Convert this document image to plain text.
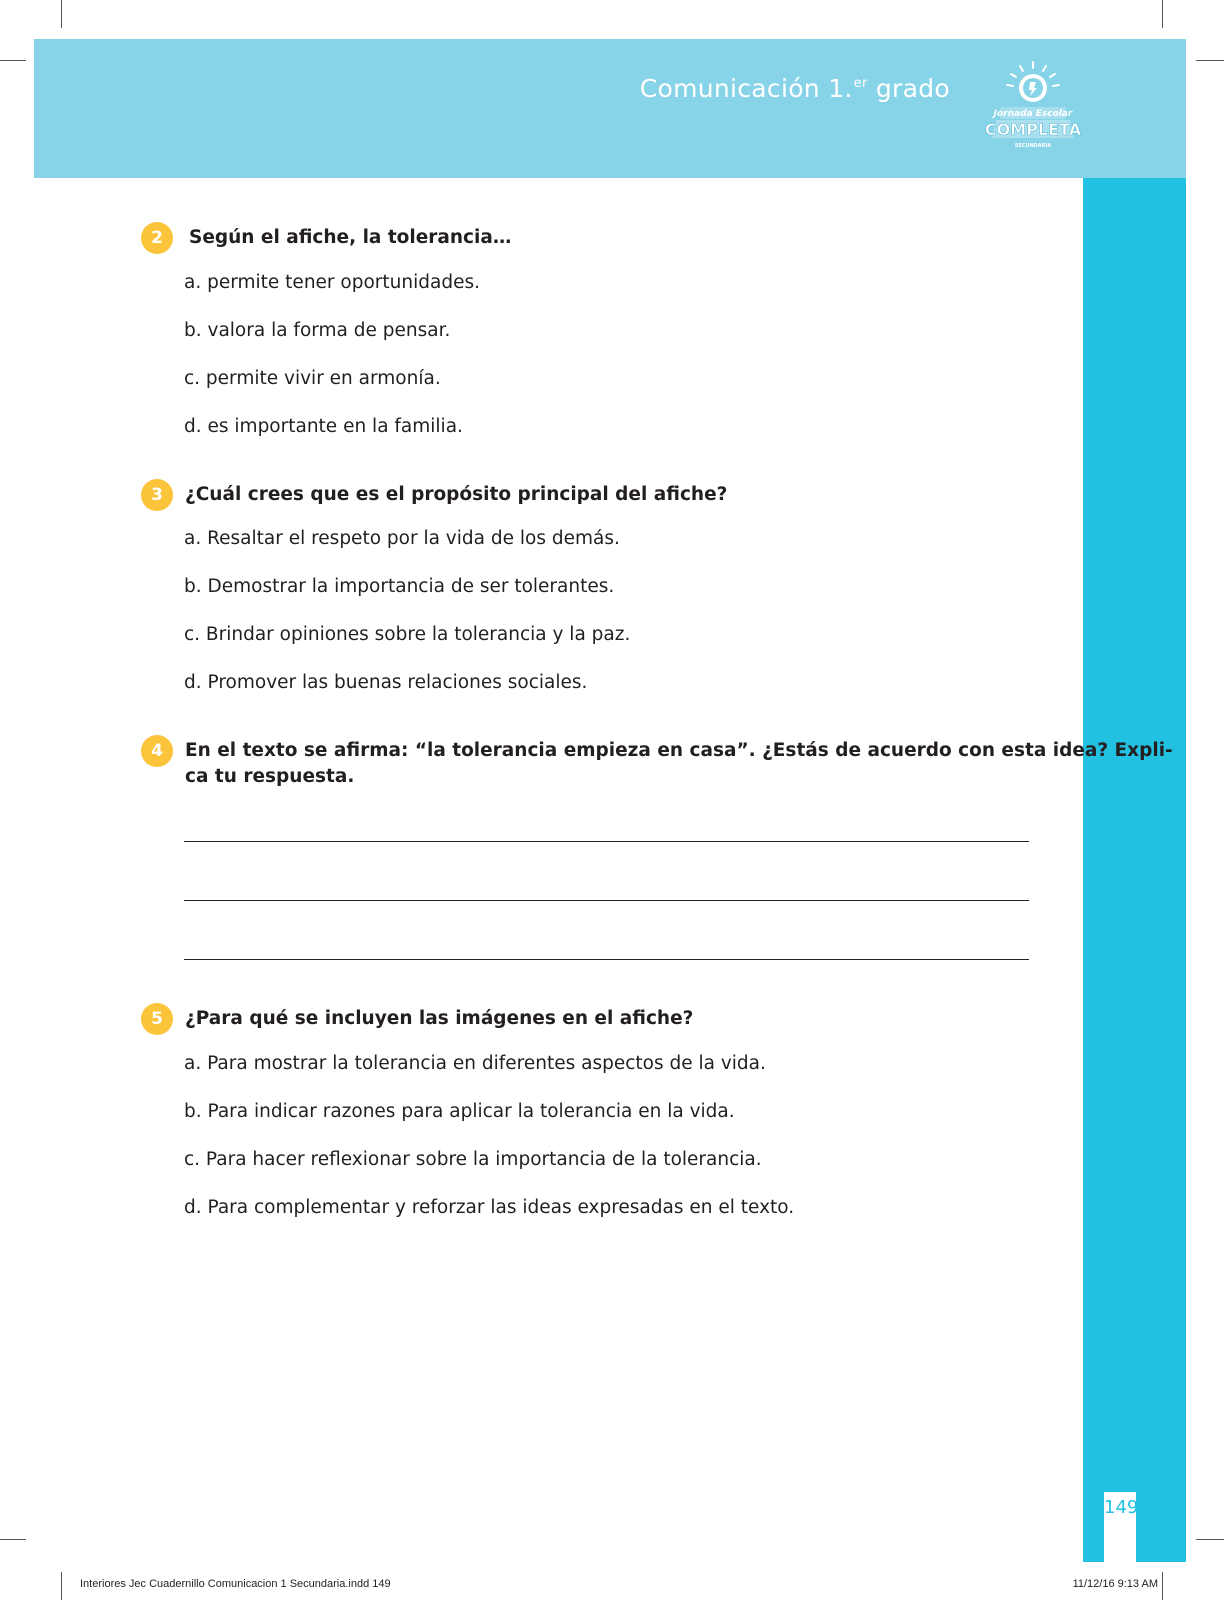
Comunicación 1.$^{er}$ grado
Jornada Escolar
COMPLETA
SECUNDARIA
149
2	Según el afiche, la tolerancia…
a. permite tener oportunidades.
b. valora la forma de pensar.
c. permite vivir en armonía.
d. es importante en la familia.
3	¿Cuál crees que es el propósito principal del afiche?
a. Resaltar el respeto por la vida de los demás.
b. Demostrar la importancia de ser tolerantes.
c. Brindar opiniones sobre la tolerancia y la paz.
d. Promover las buenas relaciones sociales.
4	En el texto se afirma: “la tolerancia empieza en casa”. ¿Estás de acuerdo con esta idea? Expli-
ca tu respuesta.
5	¿Para qué se incluyen las imágenes en el afiche?
a. Para mostrar la tolerancia en diferentes aspectos de la vida.
b. Para indicar razones para aplicar la tolerancia en la vida.
c. Para hacer reflexionar sobre la importancia de la tolerancia.
d. Para complementar y reforzar las ideas expresadas en el texto.
Interiores Jec Cuadernillo Comunicacion 1 Secundaria.indd 149	11/12/16 9:13 AM
